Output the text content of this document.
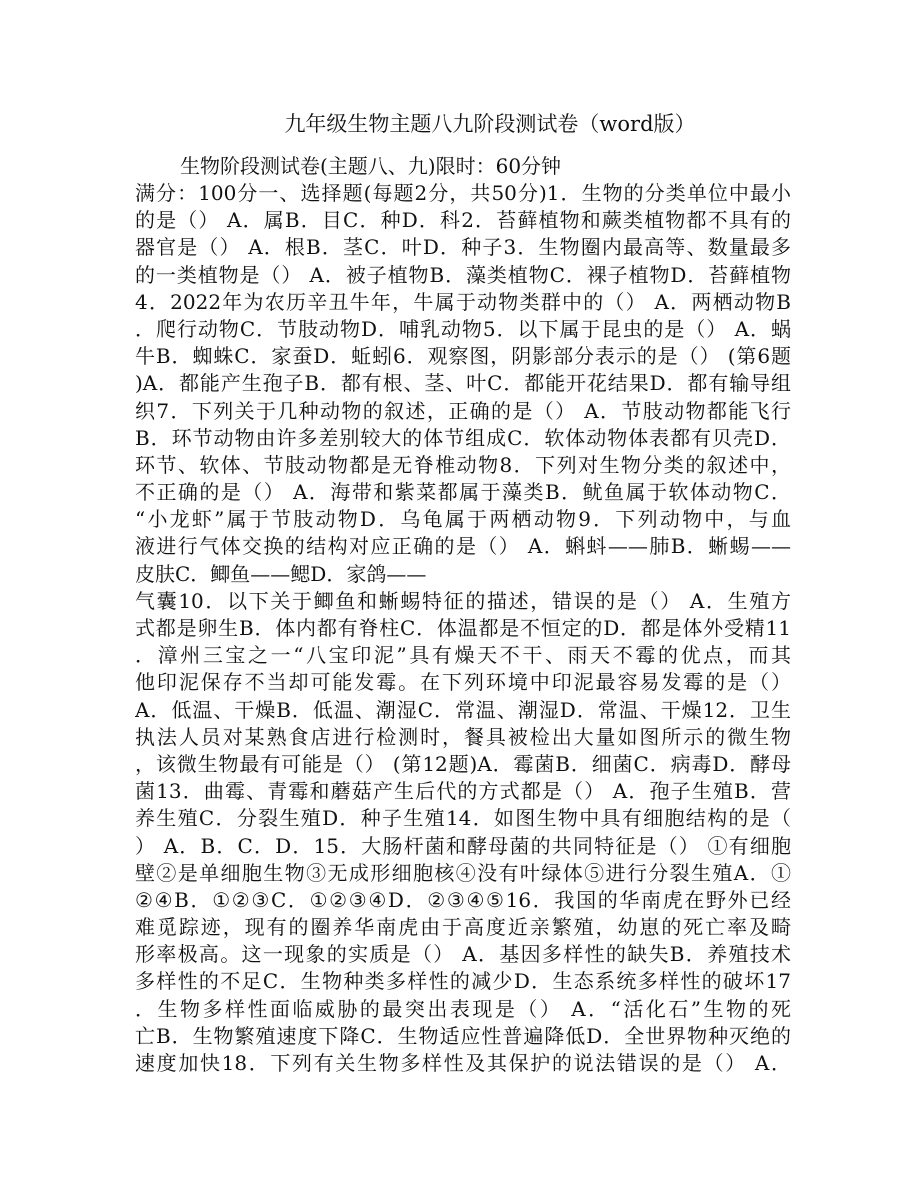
九年级生物主题八九阶段测试卷（word版）
生物阶段测试卷(主题八、九)限时：60分钟
满分：100分一、选择题(每题2分，共50分)1．生物的分类单位中最小
的是（） A．属B．目C．种D．科2．苔藓植物和蕨类植物都不具有的
器官是（） A．根B．茎C．叶D．种子3．生物圈内最高等、数量最多
的一类植物是（） A．被子植物B．藻类植物C．裸子植物D．苔藓植物
4．2022年为农历辛丑牛年，牛属于动物类群中的（） A．两栖动物B
．爬行动物C．节肢动物D．哺乳动物5．以下属于昆虫的是（） A．蜗
牛B．蜘蛛C．家蚕D．蚯蚓6．观察图，阴影部分表示的是（） (第6题
)A．都能产生孢子B．都有根、茎、叶C．都能开花结果D．都有输导组
织7．下列关于几种动物的叙述，正确的是（） A．节肢动物都能飞行
B．环节动物由许多差别较大的体节组成C．软体动物体表都有贝壳D．
环节、软体、节肢动物都是无脊椎动物8．下列对生物分类的叙述中，
不正确的是（） A．海带和紫菜都属于藻类B．鱿鱼属于软体动物C．
“小龙虾”属于节肢动物D．乌龟属于两栖动物9．下列动物中，与血
液进行气体交换的结构对应正确的是（） A．蝌蚪——肺B．蜥蜴——
皮肤C．鲫鱼——鳃D．家鸽——
气囊10．以下关于鲫鱼和蜥蜴特征的描述，错误的是（） A．生殖方
式都是卵生B．体内都有脊柱C．体温都是不恒定的D．都是体外受精11
．漳州三宝之一“八宝印泥”具有燥天不干、雨天不霉的优点，而其
他印泥保存不当却可能发霉。在下列环境中印泥最容易发霉的是（）
A．低温、干燥B．低温、潮湿C．常温、潮湿D．常温、干燥12．卫生
执法人员对某熟食店进行检测时，餐具被检出大量如图所示的微生物
，该微生物最有可能是（） (第12题)A．霉菌B．细菌C．病毒D．酵母
菌13．曲霉、青霉和蘑菇产生后代的方式都是（） A．孢子生殖B．营
养生殖C．分裂生殖D．种子生殖14．如图生物中具有细胞结构的是（
） A．B．C．D．15．大肠杆菌和酵母菌的共同特征是（） ①有细胞
壁②是单细胞生物③无成形细胞核④没有叶绿体⑤进行分裂生殖A．①
②④B．①②③C．①②③④D．②③④⑤16．我国的华南虎在野外已经
难觅踪迹，现有的圈养华南虎由于高度近亲繁殖，幼崽的死亡率及畸
形率极高。这一现象的实质是（） A．基因多样性的缺失B．养殖技术
多样性的不足C．生物种类多样性的减少D．生态系统多样性的破坏17
．生物多样性面临威胁的最突出表现是（） A．“活化石”生物的死
亡B．生物繁殖速度下降C．生物适应性普遍降低D．全世界物种灭绝的
速度加快18．下列有关生物多样性及其保护的说法错误的是（） A．
